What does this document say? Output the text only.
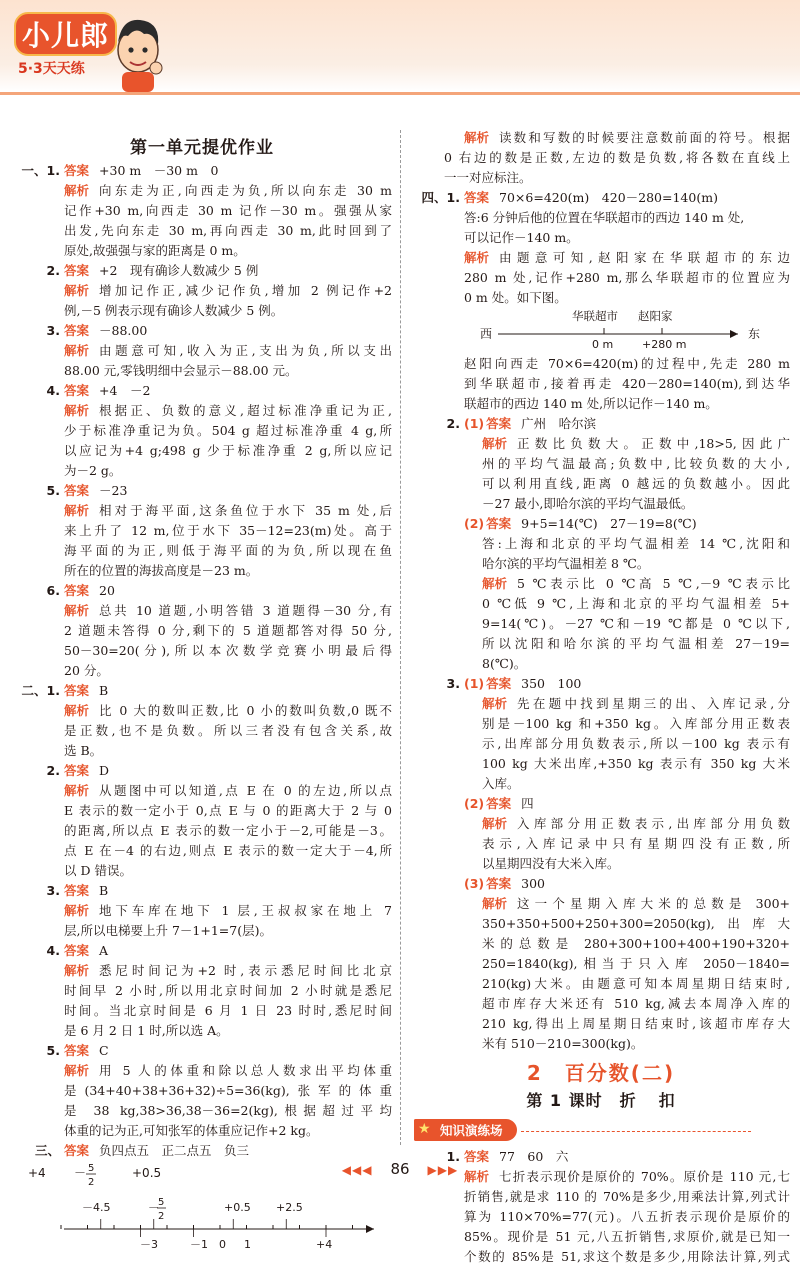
小儿郎
5·3天天练
第一单元提优作业
一、1. 答案 +30 m　－30 m　0
解析 向东走为正,向西走为负,所以向东走 30 m
记作+30 m,向西走 30 m 记作－30 m。强强从家
出发,先向东走 30 m,再向西走 30 m,此时回到了
原处,故强强与家的距离是 0 m。
2. 答案 +2　现有确诊人数减少 5 例
解析 增加记作正,减少记作负,增加 2 例记作+2
例,－5 例表示现有确诊人数减少 5 例。
3. 答案 －88.00
解析 由题意可知,收入为正,支出为负,所以支出
88.00 元,零钱明细中会显示－88.00 元。
4. 答案 +4　－2
解析 根据正、负数的意义,超过标准净重记为正,
少于标准净重记为负。504 g 超过标准净重 4 g,所
以应记为+4 g;498 g 少于标准净重 2 g,所以应记
为－2 g。
5. 答案 －23
解析 相对于海平面,这条鱼位于水下 35 m 处,后
来上升了 12 m,位于水下 35－12=23(m)处。高于
海平面的为正,则低于海平面的为负,所以现在鱼
所在的位置的海拔高度是－23 m。
6. 答案 20
解析 总共 10 道题,小明答错 3 道题得－30 分,有
2 道题未答得 0 分,剩下的 5 道题都答对得 50 分,
50－30=20(分),所以本次数学竞赛小明最后得
20 分。
二、1. 答案 B
解析 比 0 大的数叫正数,比 0 小的数叫负数,0 既不
是正数,也不是负数。所以三者没有包含关系,故
选 B。
2. 答案 D
解析 从题图中可以知道,点 E 在 0 的左边,所以点
E 表示的数一定小于 0,点 E 与 0 的距离大于 2 与 0
的距离,所以点 E 表示的数一定小于－2,可能是－3。
点 E 在－4 的右边,则点 E 表示的数一定大于－4,所
以 D 错误。
3. 答案 B
解析 地下车库在地下 1 层,王叔叔家在地上 7
层,所以电梯要上升 7－1+1=7(层)。
4. 答案 A
解析 悉尼时间记为+2 时,表示悉尼时间比北京
时间早 2 小时,所以用北京时间加 2 小时就是悉尼
时间。当北京时间是 6 月 1 日 23 时时,悉尼时间
是 6 月 2 日 1 时,所以选 A。
5. 答案 C
解析 用 5 人的体重和除以总人数求出平均体重
是(34+40+38+36+32)÷5=36(kg),张军的体重
是 38 kg,38>36,38－36=2(kg),根据超过平均
体重的记为正,可知张军的体重应记作+2 kg。
三、 答案 负四点五　正二点五　负三
+4 － 5
2
+0.5
－4.5	－ 5
2
+0.5 +2.5
－3	－1 0 1	+4
解析 读数和写数的时候要注意数前面的符号。根据
0 右边的数是正数,左边的数是负数,将各数在直线上
一一对应标注。
四、1. 答案 70×6=420(m)　420－280=140(m)
答:6 分钟后他的位置在华联超市的西边 140 m 处,
可以记作－140 m。
解析 由题意可知,赵阳家在华联超市的东边
280 m 处,记作+280 m,那么华联超市的位置应为
0 m 处。如下图。
西
华联超市 赵阳家
0 m	+280 m
东
赵阳向西走 70×6=420(m)的过程中,先走 280 m
到华联超市,接着再走 420－280=140(m),到达华
联超市的西边 140 m 处,所以记作－140 m。
2. (1) 答案 广州　哈尔滨
解析 正数比负数大。正数中,18>5,因此广
州的平均气温最高;负数中,比较负数的大小,
可以利用直线,距离 0 越远的负数越小。因此
－27 最小,即哈尔滨的平均气温最低。
(2) 答案 9+5=14(℃)　27－19=8(℃)
答:上海和北京的平均气温相差 14 ℃,沈阳和
哈尔滨的平均气温相差 8 ℃。
解析 5 ℃表示比 0 ℃高 5 ℃,－9 ℃表示比
0 ℃低 9 ℃,上海和北京的平均气温相差 5+
9=14(℃)。－27 ℃和－19 ℃都是 0 ℃以下,
所以沈阳和哈尔滨的平均气温相差 27－19=
8(℃)。
3. (1) 答案 350　100
解析 先在题中找到星期三的出、入库记录,分
别是－100 kg 和+350 kg。入库部分用正数表
示,出库部分用负数表示,所以－100 kg 表示有
100 kg 大米出库,+350 kg 表示有 350 kg 大米
入库。
(2) 答案 四
解析 入库部分用正数表示,出库部分用负数
表示,入库记录中只有星期四没有正数,所
以星期四没有大米入库。
(3) 答案 300
解析 这一个星期入库大米的总数是 300+
350+350+500+250+300=2050(kg),出库大
米的总数是 280+300+100+400+190+320+
250=1840(kg),相当于只入库 2050－1840=
210(kg)大米。由题意可知本周星期日结束时,
超市库存大米还有 510 kg,减去本周净入库的
210 kg,得出上周星期日结束时,该超市库存大
米有 510－210=300(kg)。
2　百分数(二)
第 1 课时　折 扣
★ 知识演练场
1. 答案 77　60　六
解析 七折表示现价是原价的 70%。原价是 110 元,七
折销售,就是求 110 的 70%是多少,用乘法计算,列式计
算为 110×70%=77(元)。八五折表示现价是原价的
85%。现价是 51 元,八五折销售,求原价,就是已知一
个数的 85%是 51,求这个数是多少,用除法计算,列式
◀◀◀ 86 ▶▶▶
